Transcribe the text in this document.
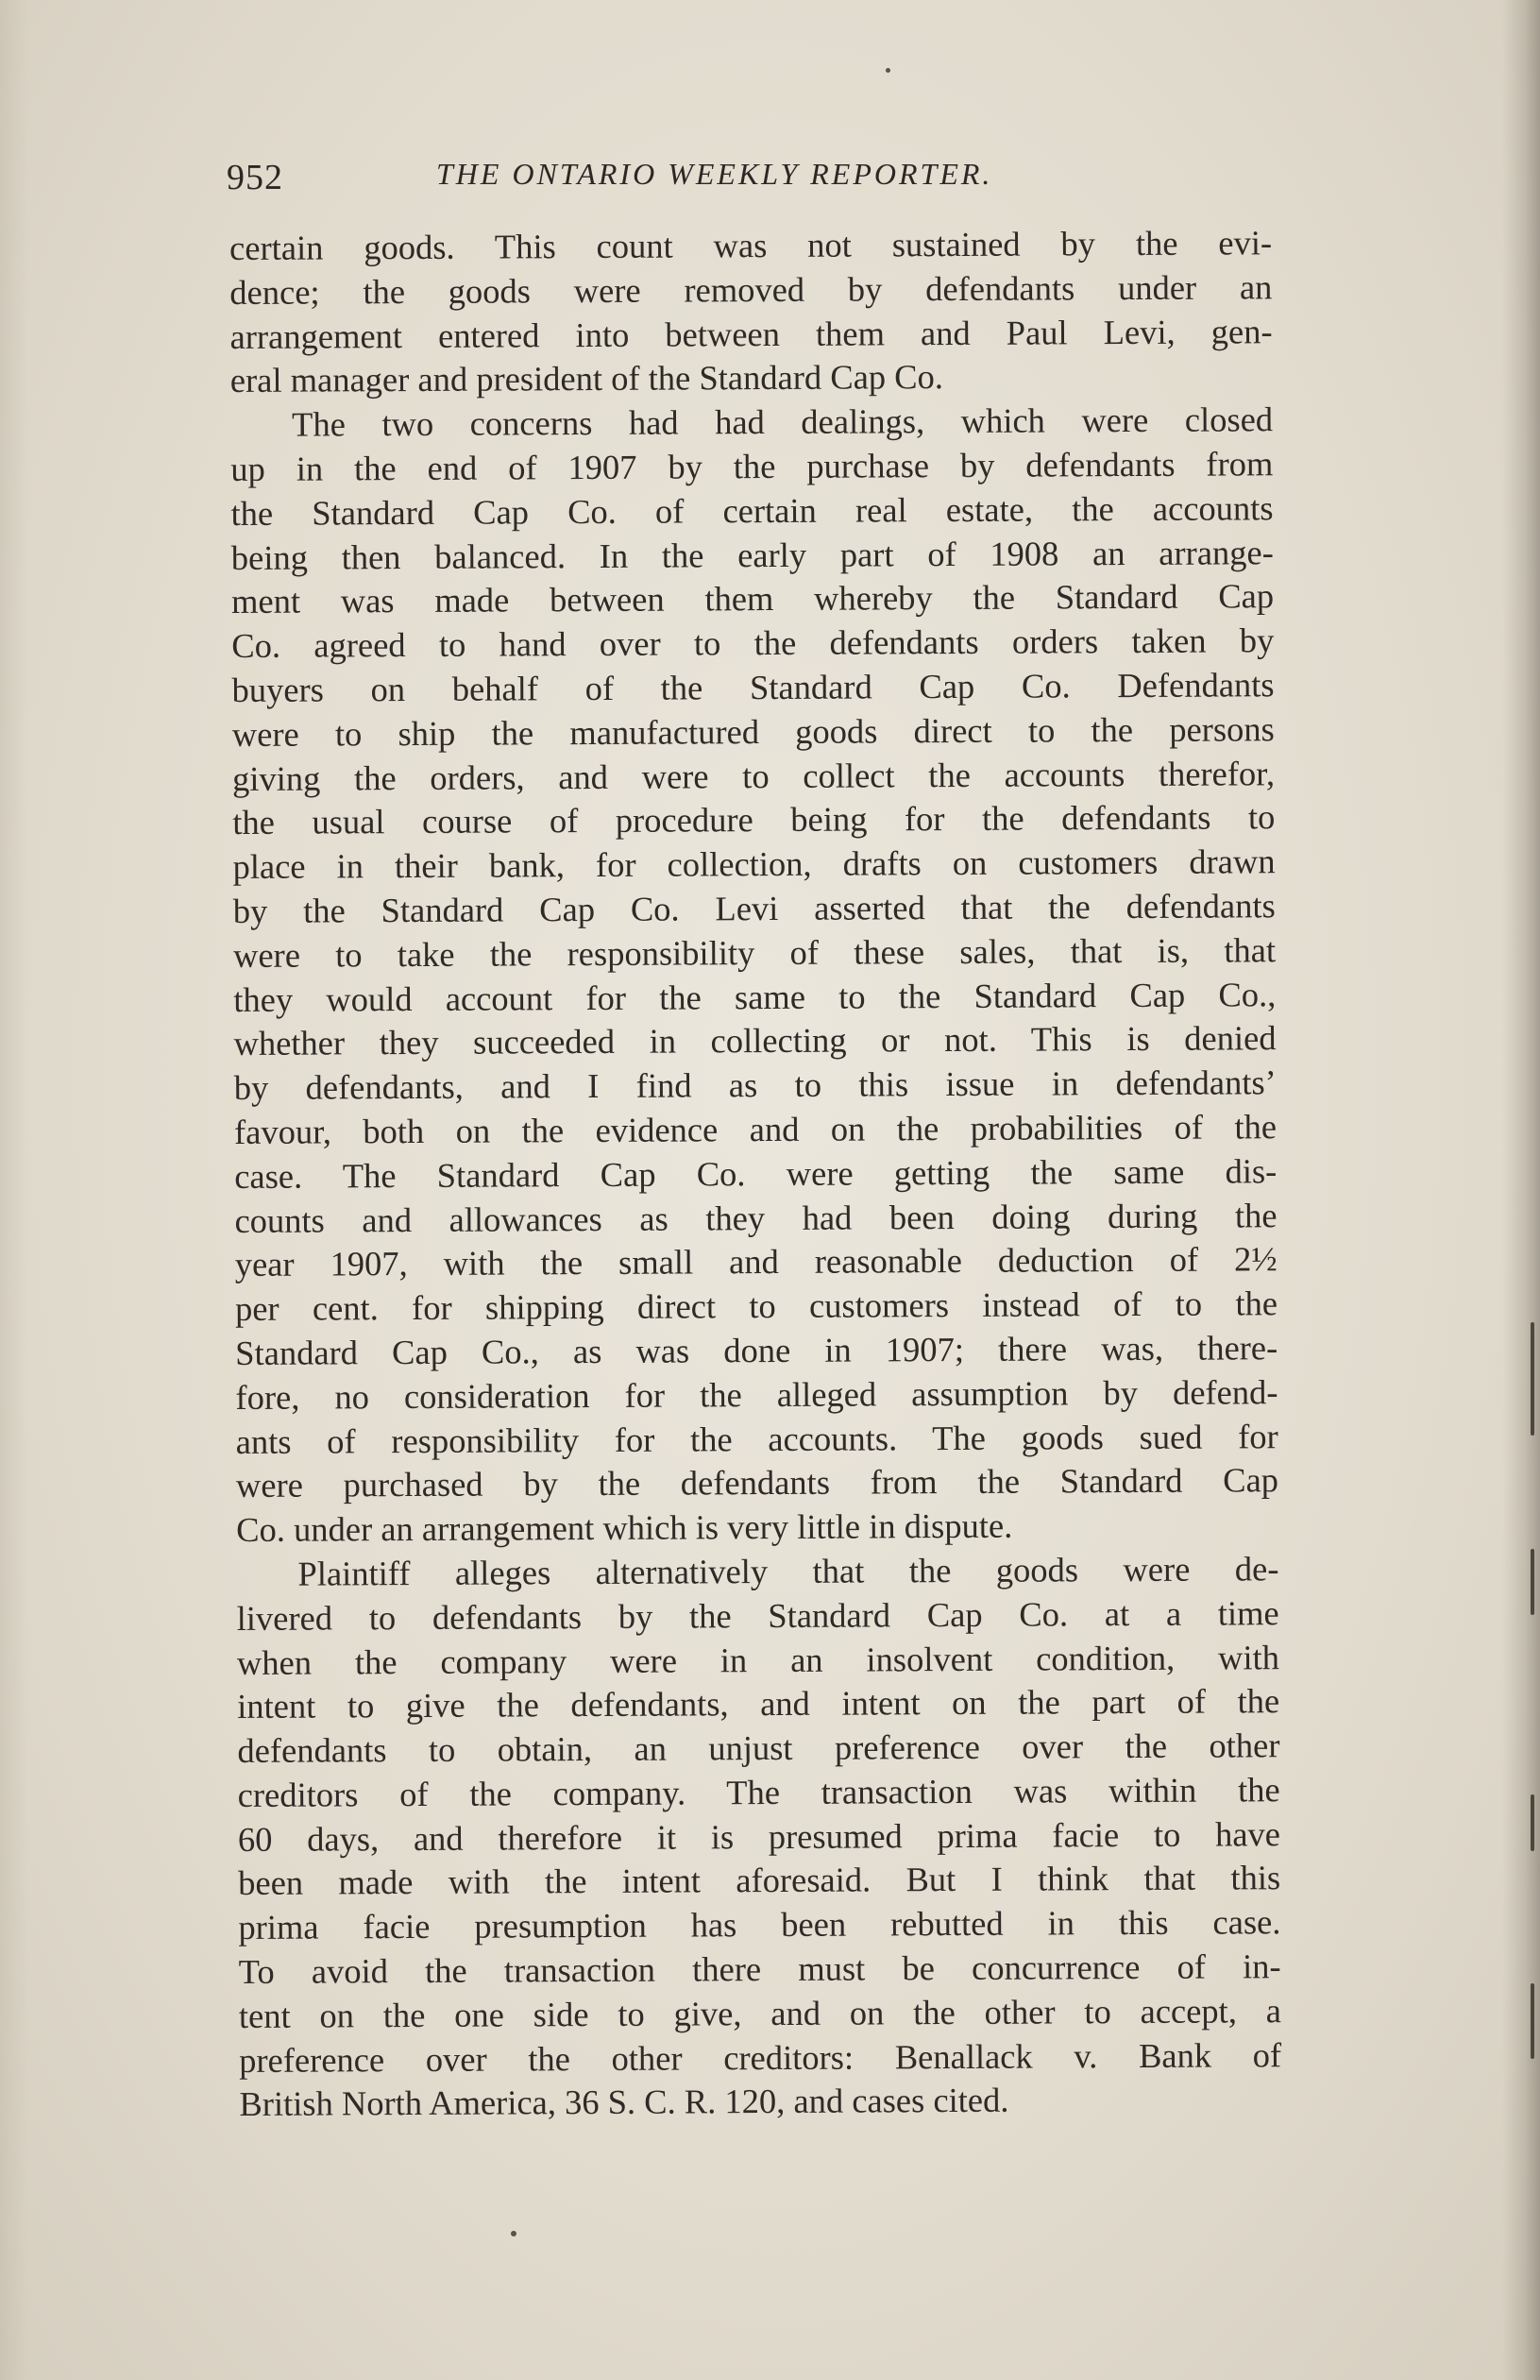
952	THE ONTARIO WEEKLY REPORTER.
certain goods. This count was not sustained by the evi-
dence; the goods were removed by defendants under an
arrangement entered into between them and Paul Levi, gen-
eral manager and president of the Standard Cap Co.
The two concerns had had dealings, which were closed
up in the end of 1907 by the purchase by defendants from
the Standard Cap Co. of certain real estate, the accounts
being then balanced. In the early part of 1908 an arrange-
ment was made between them whereby the Standard Cap
Co. agreed to hand over to the defendants orders taken by
buyers on behalf of the Standard Cap Co. Defendants
were to ship the manufactured goods direct to the persons
giving the orders, and were to collect the accounts therefor,
the usual course of procedure being for the defendants to
place in their bank, for collection, drafts on customers drawn
by the Standard Cap Co. Levi asserted that the defendants
were to take the responsibility of these sales, that is, that
they would account for the same to the Standard Cap Co.,
whether they succeeded in collecting or not. This is denied
by defendants, and I find as to this issue in defendants’
favour, both on the evidence and on the probabilities of the
case. The Standard Cap Co. were getting the same dis-
counts and allowances as they had been doing during the
year 1907, with the small and reasonable deduction of 2½
per cent. for shipping direct to customers instead of to the
Standard Cap Co., as was done in 1907; there was, there-
fore, no consideration for the alleged assumption by defend-
ants of responsibility for the accounts. The goods sued for
were purchased by the defendants from the Standard Cap
Co. under an arrangement which is very little in dispute.
Plaintiff alleges alternatively that the goods were de-
livered to defendants by the Standard Cap Co. at a time
when the company were in an insolvent condition, with
intent to give the defendants, and intent on the part of the
defendants to obtain, an unjust preference over the other
creditors of the company. The transaction was within the
60 days, and therefore it is presumed prima facie to have
been made with the intent aforesaid. But I think that this
prima facie presumption has been rebutted in this case.
To avoid the transaction there must be concurrence of in-
tent on the one side to give, and on the other to accept, a
preference over the other creditors: Benallack v. Bank of
British North America, 36 S. C. R. 120, and cases cited.
